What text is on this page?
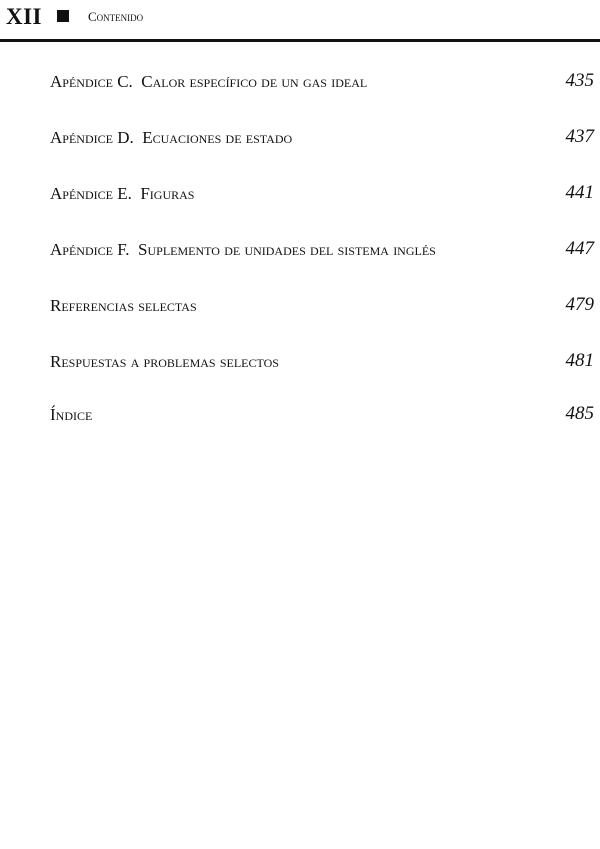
XII	Contenido
Apéndice C. Calor específico de un gas ideal	435
Apéndice D. Ecuaciones de estado	437
Apéndice E. Figuras	441
Apéndice F. Suplemento de unidades del sistema inglés	447
Referencias selectas	479
Respuestas a problemas selectos	481
Índice	485
